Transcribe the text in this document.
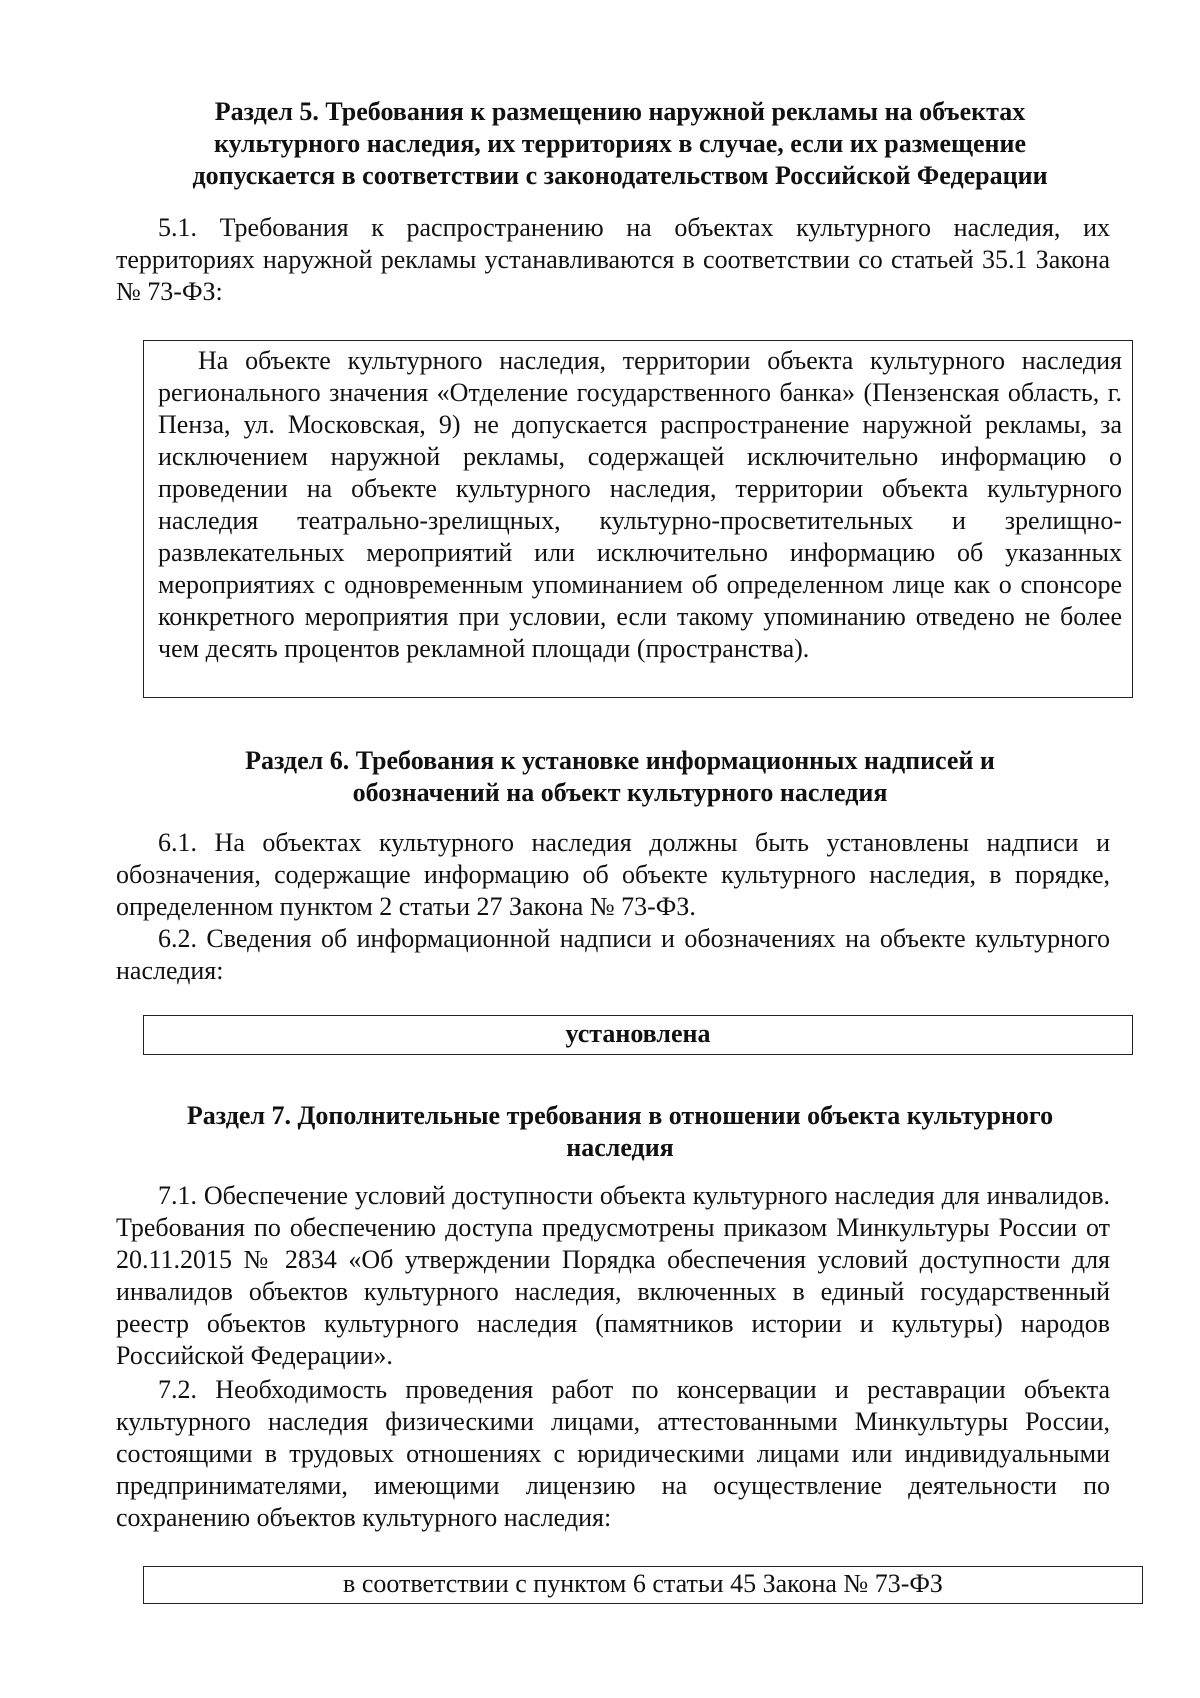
Раздел 5. Требования к размещению наружной рекламы на объектах
культурного наследия, их территориях в случае, если их размещение
допускается в соответствии с законодательством Российской Федерации

5.1. Требования к распространению на объектах культурного наследия, их территориях наружной рекламы устанавливаются в соответствии со статьей 35.1 Закона № 73-ФЗ:

На объекте культурного наследия, территории объекта культурного наследия регионального значения «Отделение государственного банка» (Пензенская область, г. Пенза, ул. Московская, 9) не допускается распространение наружной рекламы, за исключением наружной рекламы, содержащей исключительно информацию о проведении на объекте культурного наследия, территории объекта культурного наследия театрально-зрелищных, культурно-просветительных и зрелищно-развлекательных мероприятий или исключительно информацию об указанных мероприятиях с одновременным упоминанием об определенном лице как о спонсоре конкретного мероприятия при условии, если такому упоминанию отведено не более чем десять процентов рекламной площади (пространства).

Раздел 6. Требования к установке информационных надписей и
обозначений на объект культурного наследия

6.1. На объектах культурного наследия должны быть установлены надписи и обозначения, содержащие информацию об объекте культурного наследия, в порядке, определенном пунктом 2 статьи 27 Закона № 73-ФЗ.

6.2. Сведения об информационной надписи и обозначениях на объекте культурного наследия:

установлена

Раздел 7. Дополнительные требования в отношении объекта культурного
наследия

7.1. Обеспечение условий доступности объекта культурного наследия для инвалидов. Требования по обеспечению доступа предусмотрены приказом Минкультуры России от 20.11.2015 № 2834 «Об утверждении Порядка обеспечения условий доступности для инвалидов объектов культурного наследия, включенных в единый государственный реестр объектов культурного наследия (памятников истории и культуры) народов Российской Федерации».

7.2. Необходимость проведения работ по консервации и реставрации объекта культурного наследия физическими лицами, аттестованными Минкультуры России, состоящими в трудовых отношениях с юридическими лицами или индивидуальными предпринимателями, имеющими лицензию на осуществление деятельности по сохранению объектов культурного наследия:

в соответствии с пунктом 6 статьи 45 Закона № 73-ФЗ
